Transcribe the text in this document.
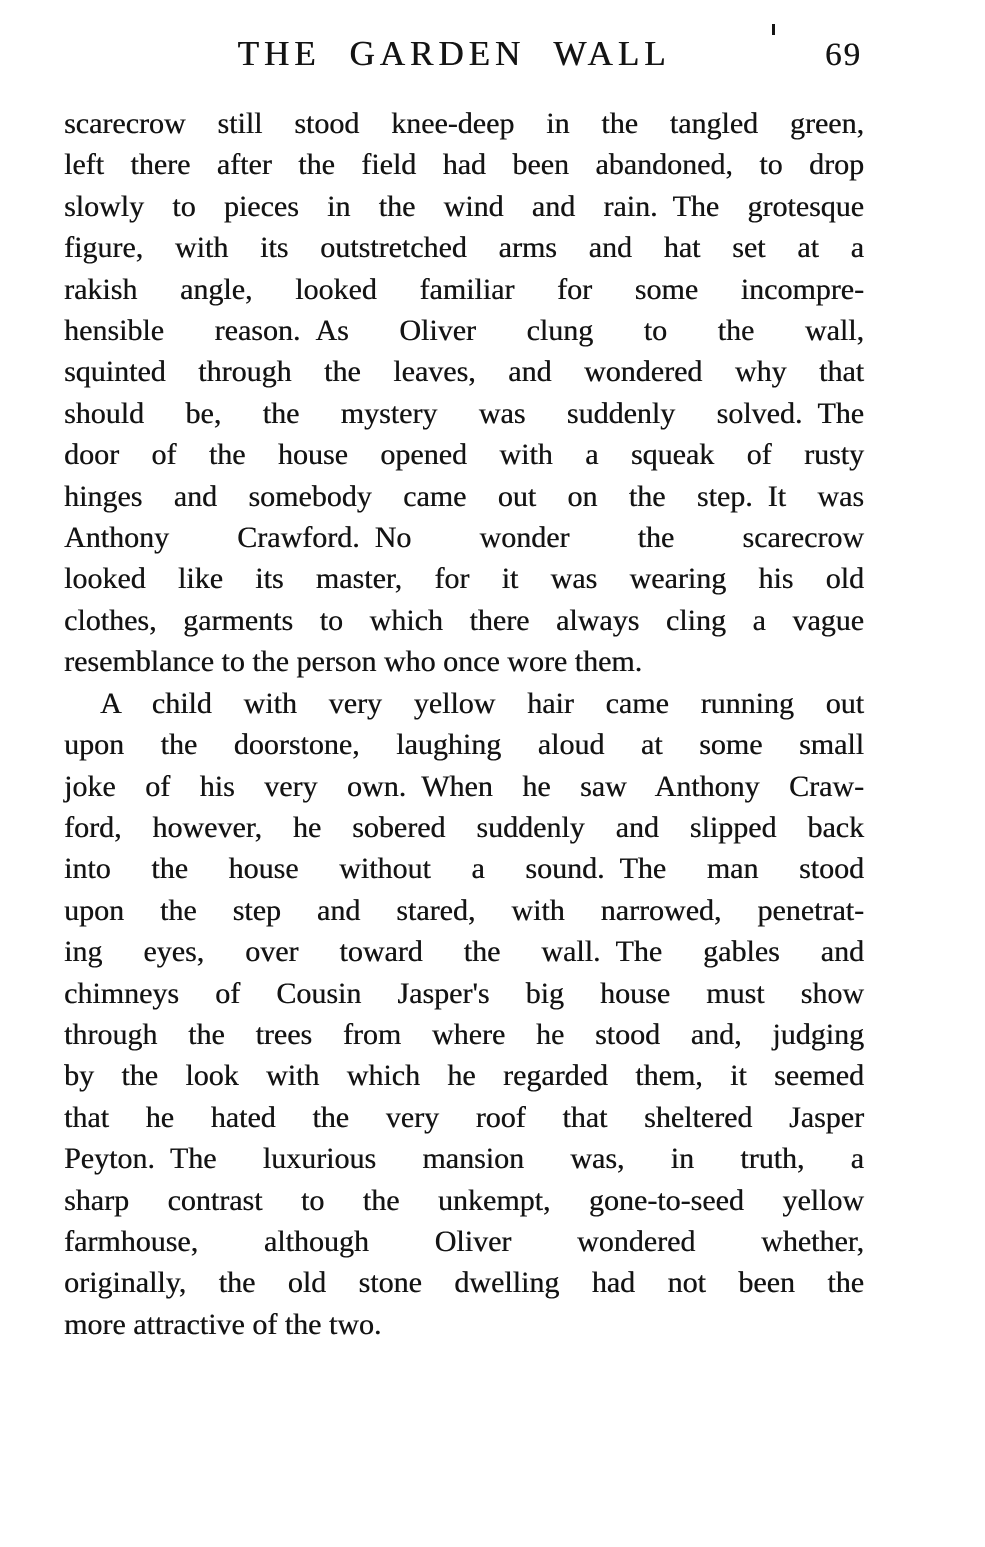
THE GARDEN WALL	69
scarecrow still stood knee-deep in the tangled green,
left there after the field had been abandoned, to drop
slowly to pieces in the wind and rain. The grotesque
figure, with its outstretched arms and hat set at a
rakish angle, looked familiar for some incompre-
hensible reason. As Oliver clung to the wall,
squinted through the leaves, and wondered why that
should be, the mystery was suddenly solved. The
door of the house opened with a squeak of rusty
hinges and somebody came out on the step. It was
Anthony Crawford. No wonder the scarecrow
looked like its master, for it was wearing his old
clothes, garments to which there always cling a vague
resemblance to the person who once wore them.
A child with very yellow hair came running out
upon the doorstone, laughing aloud at some small
joke of his very own. When he saw Anthony Craw-
ford, however, he sobered suddenly and slipped back
into the house without a sound. The man stood
upon the step and stared, with narrowed, penetrat-
ing eyes, over toward the wall. The gables and
chimneys of Cousin Jasper's big house must show
through the trees from where he stood and, judging
by the look with which he regarded them, it seemed
that he hated the very roof that sheltered Jasper
Peyton. The luxurious mansion was, in truth, a
sharp contrast to the unkempt, gone-to-seed yellow
farmhouse, although Oliver wondered whether,
originally, the old stone dwelling had not been the
more attractive of the two.
